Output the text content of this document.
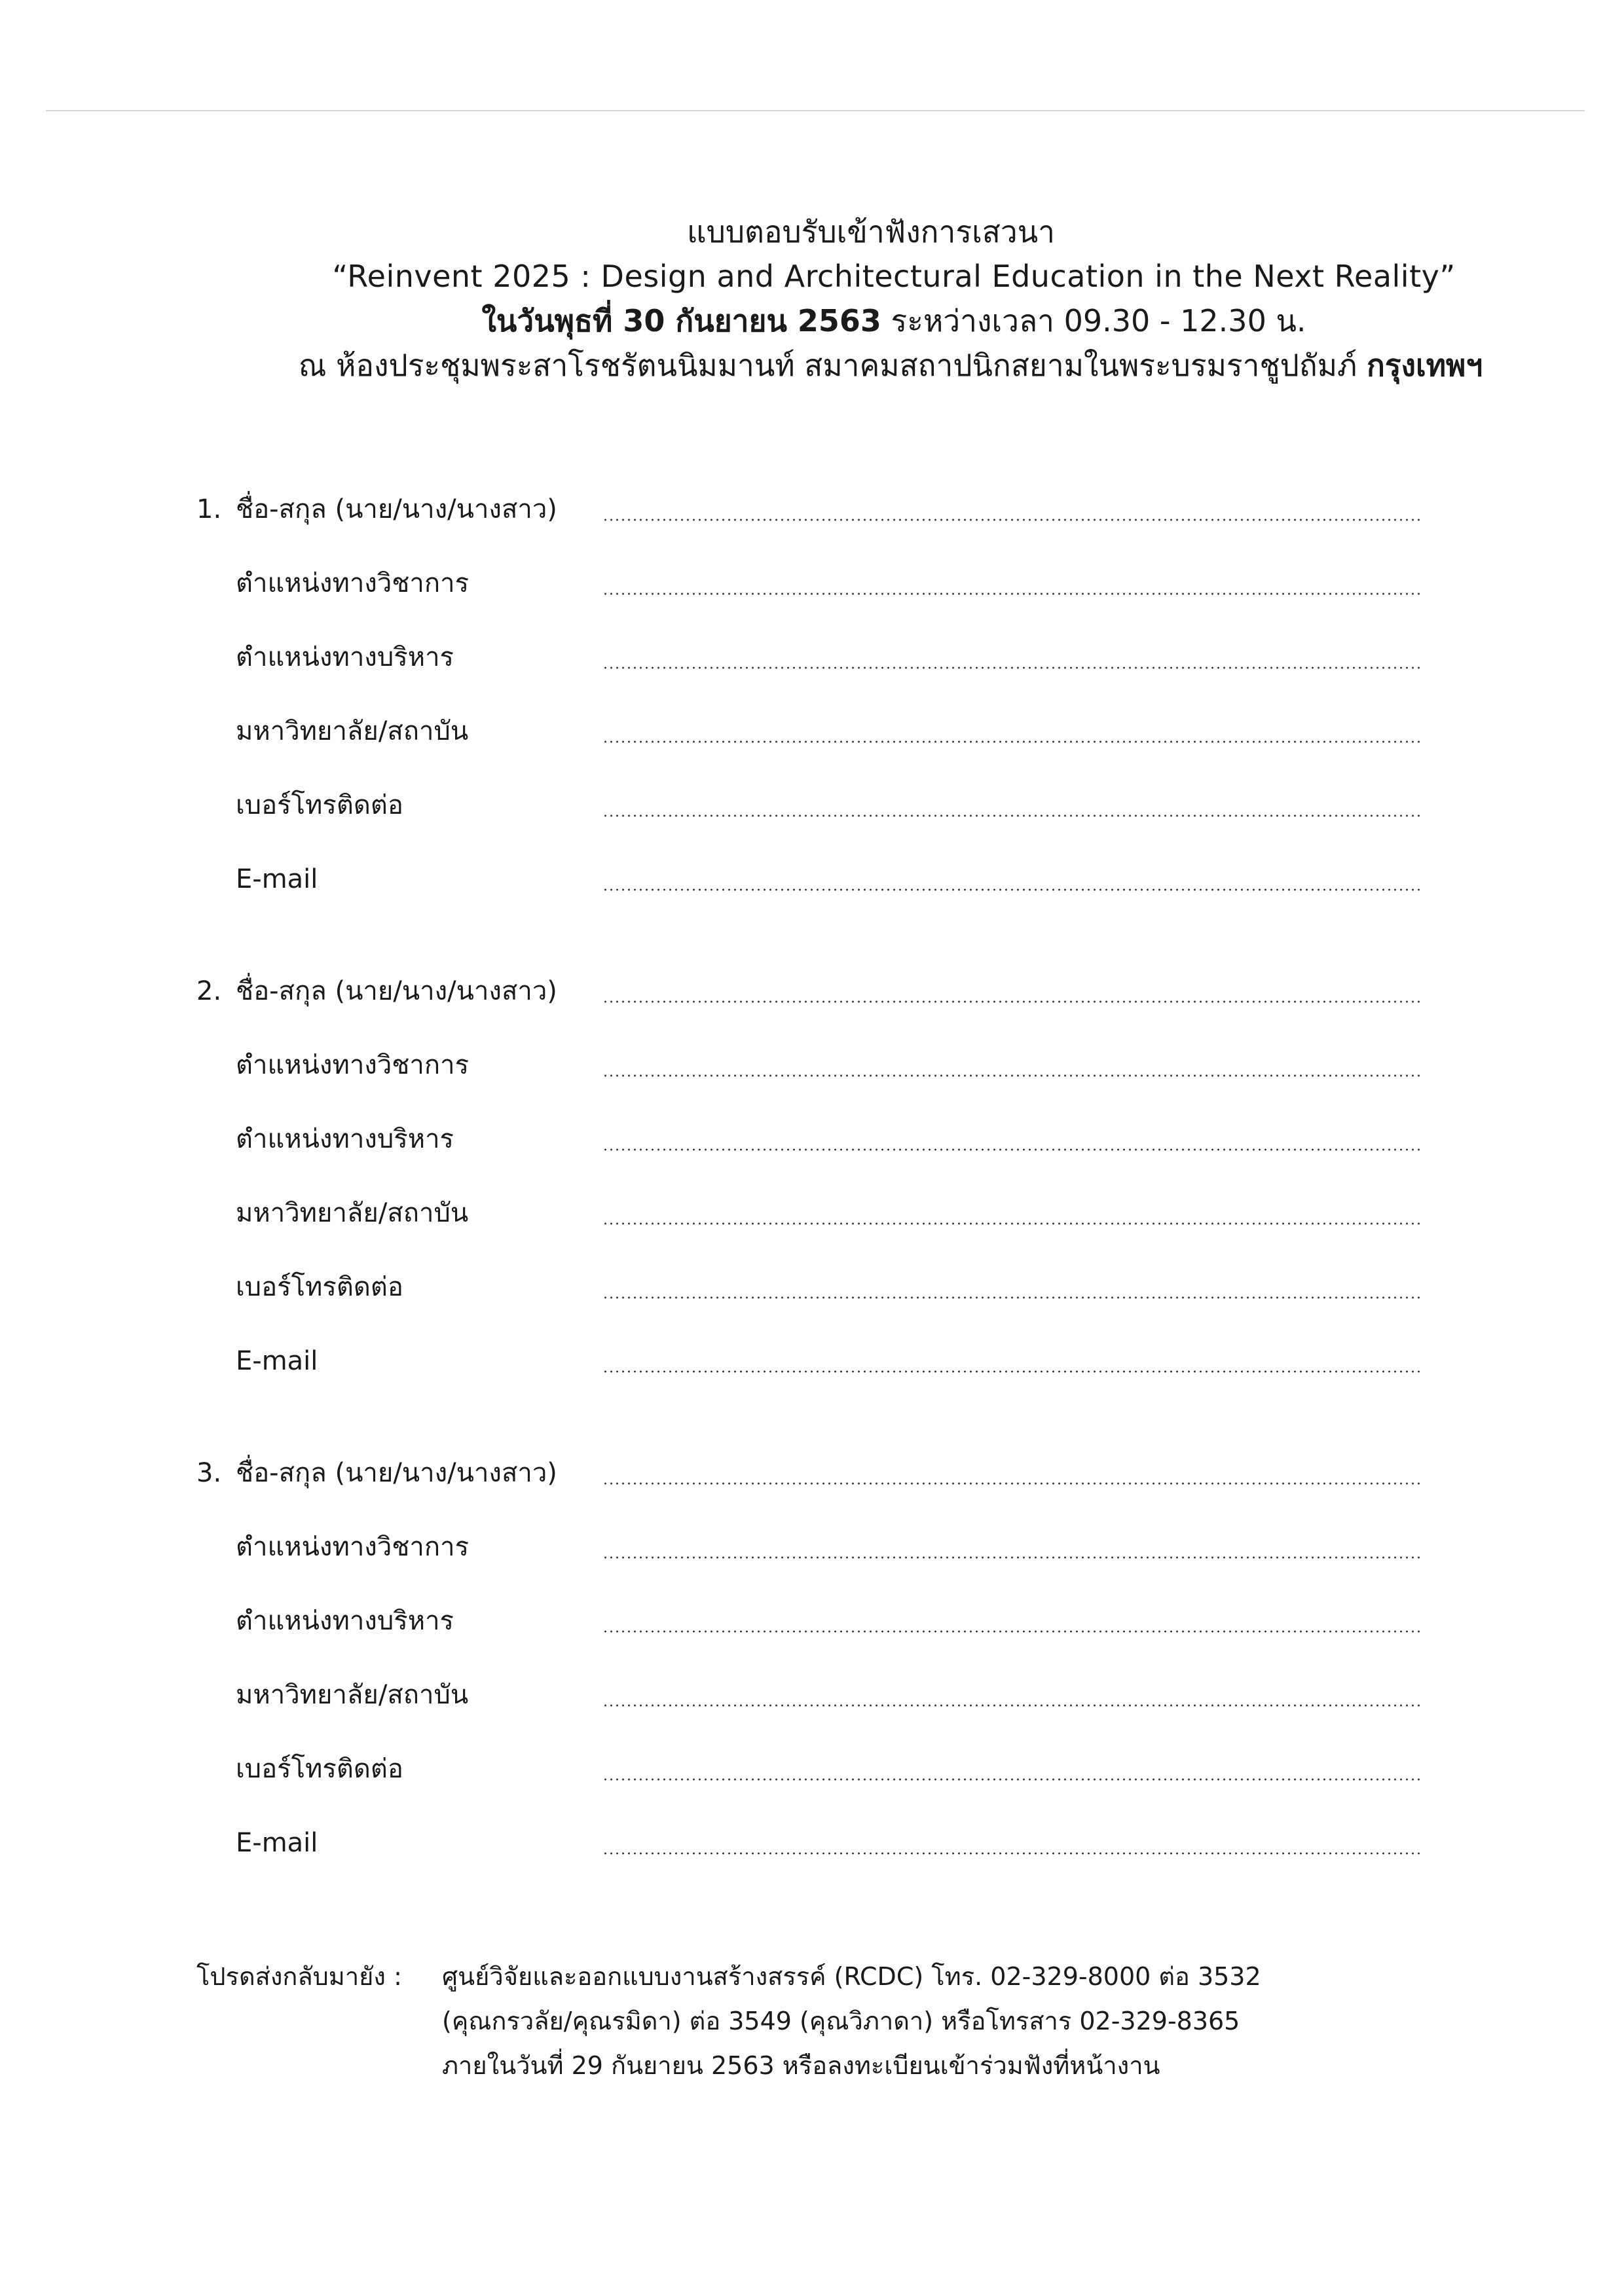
แบบตอบรับเข้าฟังการเสวนา
“Reinvent 2025 : Design and Architectural Education in the Next Reality”
ในวันพุธที่ 30 กันยายน 2563 ระหว่างเวลา 09.30 - 12.30 น.
ณ ห้องประชุมพระสาโรชรัตนนิมมานท์ สมาคมสถาปนิกสยามในพระบรมราชูปถัมภ์ กรุงเทพฯ
1. ชื่อ-สกุล (นาย/นาง/นางสาว)
ตำแหน่งทางวิชาการ
ตำแหน่งทางบริหาร
มหาวิทยาลัย/สถาบัน
เบอร์โทรติดต่อ
E-mail
2. ชื่อ-สกุล (นาย/นาง/นางสาว)
ตำแหน่งทางวิชาการ
ตำแหน่งทางบริหาร
มหาวิทยาลัย/สถาบัน
เบอร์โทรติดต่อ
E-mail
3. ชื่อ-สกุล (นาย/นาง/นางสาว)
ตำแหน่งทางวิชาการ
ตำแหน่งทางบริหาร
มหาวิทยาลัย/สถาบัน
เบอร์โทรติดต่อ
E-mail
โปรดส่งกลับมายัง : ศูนย์วิจัยและออกแบบงานสร้างสรรค์ (RCDC) โทร. 02-329-8000 ต่อ 3532
(คุณกรวลัย/คุณรมิดา) ต่อ 3549 (คุณวิภาดา) หรือโทรสาร 02-329-8365
ภายในวันที่ 29 กันยายน 2563 หรือลงทะเบียนเข้าร่วมฟังที่หน้างาน
